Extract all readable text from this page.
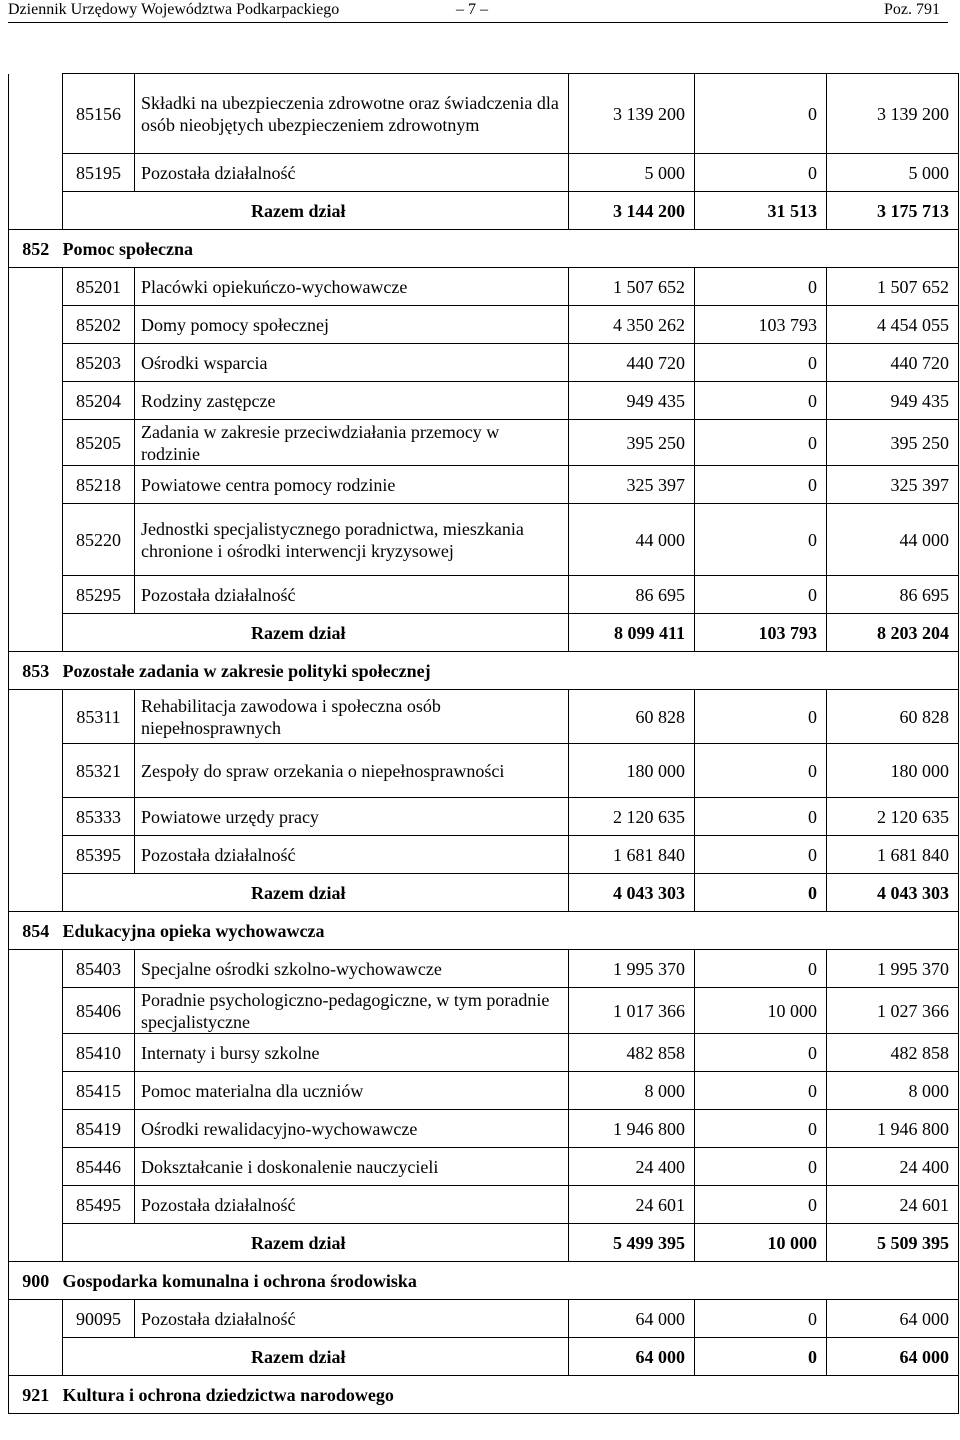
Dziennik Urzędowy Województwa Podkarpackiego	– 7 –	Poz. 791
	85156	Składki na ubezpieczenia zdrowotne oraz świadczenia dla osób nieobjętych ubezpieczeniem zdrowotnym	3 139 200	0	3 139 200
	85195	Pozostała działalność	5 000	0	5 000
	Razem dział		3 144 200	31 513	3 175 713
852	Pomoc społeczna				
	85201	Placówki opiekuńczo-wychowawcze	1 507 652	0	1 507 652
	85202	Domy pomocy społecznej	4 350 262	103 793	4 454 055
	85203	Ośrodki wsparcia	440 720	0	440 720
	85204	Rodziny zastępcze	949 435	0	949 435
	85205	Zadania w zakresie przeciwdziałania przemocy w rodzinie	395 250	0	395 250
	85218	Powiatowe centra pomocy rodzinie	325 397	0	325 397
	85220	Jednostki specjalistycznego poradnictwa, mieszkania chronione i ośrodki interwencji kryzysowej	44 000	0	44 000
	85295	Pozostała działalność	86 695	0	86 695
	Razem dział		8 099 411	103 793	8 203 204
853	Pozostałe zadania w zakresie polityki społecznej				
	85311	Rehabilitacja zawodowa i społeczna osób niepełnosprawnych	60 828	0	60 828
	85321	Zespoły do spraw orzekania o niepełnosprawności	180 000	0	180 000
	85333	Powiatowe urzędy pracy	2 120 635	0	2 120 635
	85395	Pozostała działalność	1 681 840	0	1 681 840
	Razem dział		4 043 303	0	4 043 303
854	Edukacyjna opieka wychowawcza				
	85403	Specjalne ośrodki szkolno-wychowawcze	1 995 370	0	1 995 370
	85406	Poradnie psychologiczno-pedagogiczne, w tym poradnie specjalistyczne	1 017 366	10 000	1 027 366
	85410	Internaty i bursy szkolne	482 858	0	482 858
	85415	Pomoc materialna dla uczniów	8 000	0	8 000
	85419	Ośrodki rewalidacyjno-wychowawcze	1 946 800	0	1 946 800
	85446	Dokształcanie i doskonalenie nauczycieli	24 400	0	24 400
	85495	Pozostała działalność	24 601	0	24 601
	Razem dział		5 499 395	10 000	5 509 395
900	Gospodarka komunalna i ochrona środowiska				
	90095	Pozostała działalność	64 000	0	64 000
	Razem dział		64 000	0	64 000
921	Kultura i ochrona dziedzictwa narodowego				
